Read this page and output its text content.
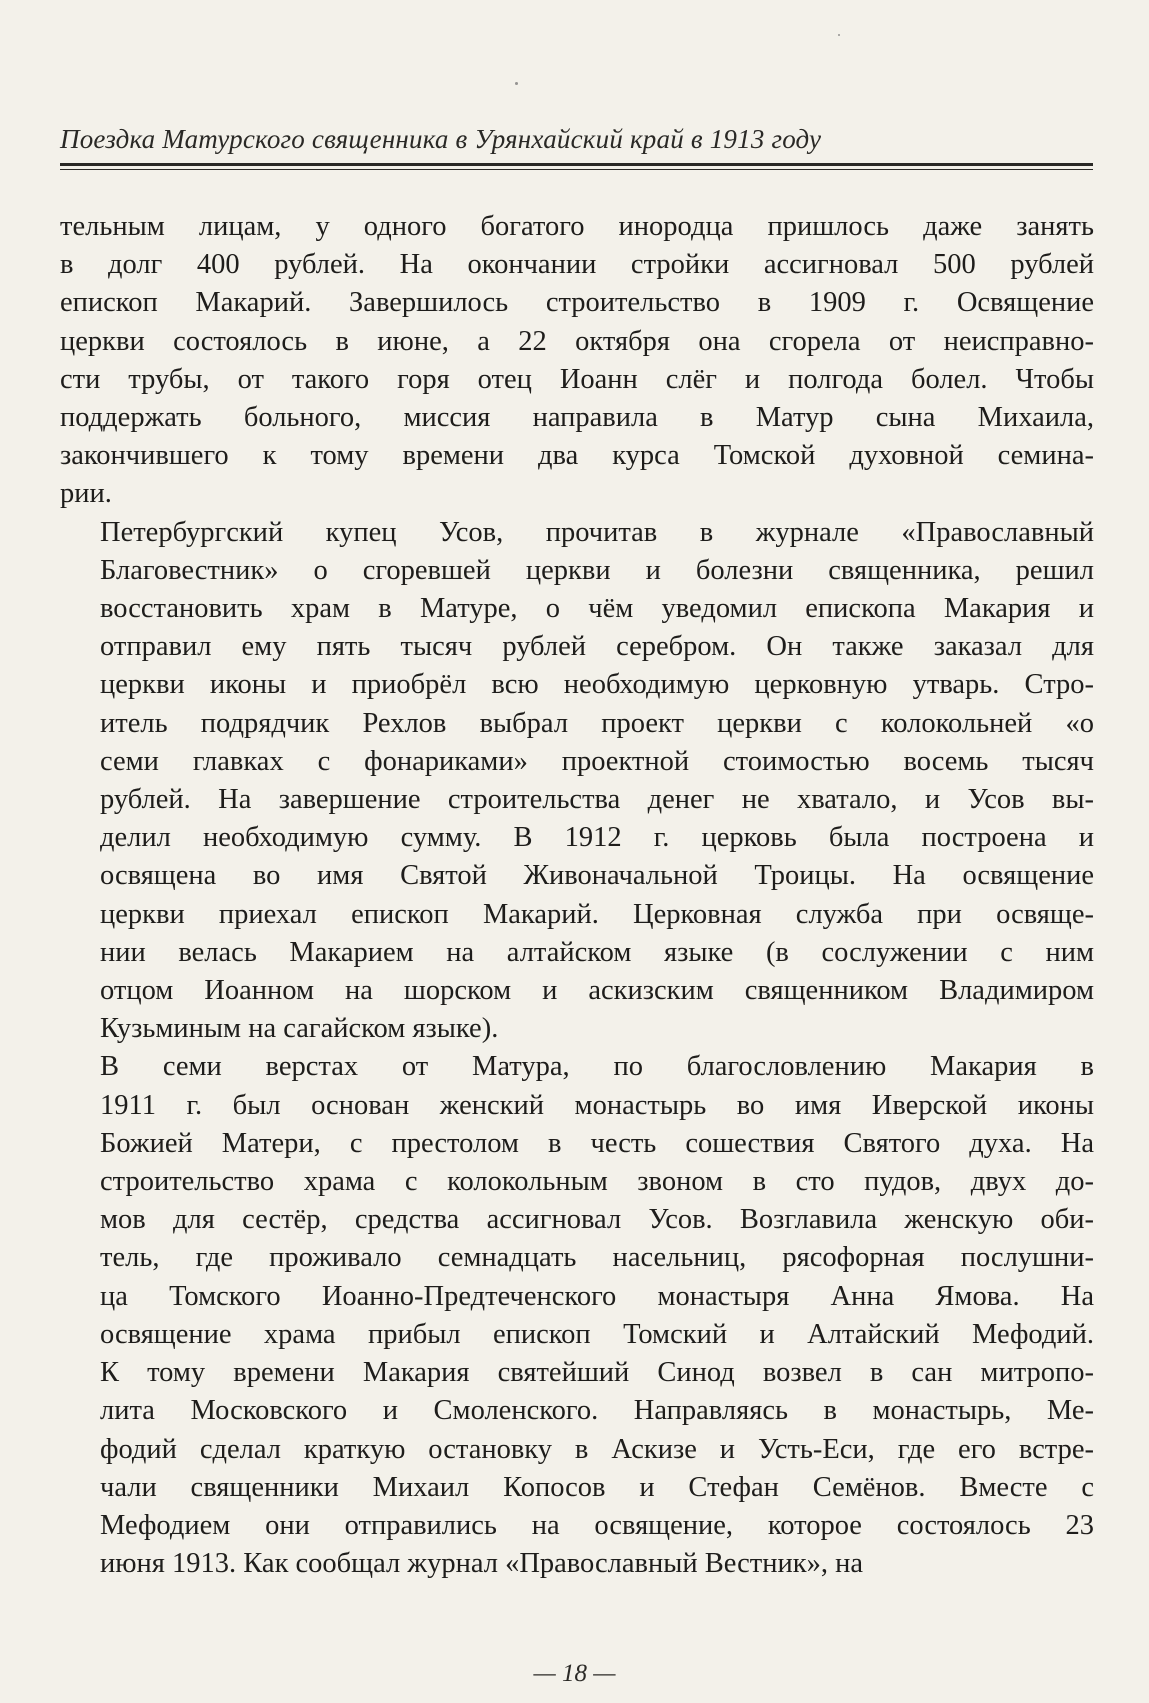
Поездка Матурского священника в Урянхайский край в 1913 году
тельным лицам, у одного богатого инородца пришлось даже занять
в долг 400 рублей. На окончании стройки ассигновал 500 рублей
епископ Макарий. Завершилось строительство в 1909 г. Освящение
церкви состоялось в июне, а 22 октября она сгорела от неисправно-
сти трубы, от такого горя отец Иоанн слёг и полгода болел. Чтобы
поддержать больного, миссия направила в Матур сына Михаила,
закончившего к тому времени два курса Томской духовной семина-
рии.
Петербургский купец Усов, прочитав в журнале «Православный
Благовестник» о сгоревшей церкви и болезни священника, решил
восстановить храм в Матуре, о чём уведомил епископа Макария и
отправил ему пять тысяч рублей серебром. Он также заказал для
церкви иконы и приобрёл всю необходимую церковную утварь. Стро-
итель подрядчик Рехлов выбрал проект церкви с колокольней «о
семи главках с фонариками» проектной стоимостью восемь тысяч
рублей. На завершение строительства денег не хватало, и Усов вы-
делил необходимую сумму. В 1912 г. церковь была построена и
освящена во имя Святой Живоначальной Троицы. На освящение
церкви приехал епископ Макарий. Церковная служба при освяще-
нии велась Макарием на алтайском языке (в сослужении с ним
отцом Иоанном на шорском и аскизским священником Владимиром
Кузьминым на сагайском языке).
В семи верстах от Матура, по благословлению Макария в
1911 г. был основан женский монастырь во имя Иверской иконы
Божией Матери, с престолом в честь сошествия Святого духа. На
строительство храма с колокольным звоном в сто пудов, двух до-
мов для сестёр, средства ассигновал Усов. Возглавила женскую оби-
тель, где проживало семнадцать насельниц, рясофорная послушни-
ца Томского Иоанно-Предтеченского монастыря Анна Ямова. На
освящение храма прибыл епископ Томский и Алтайский Мефодий.
К тому времени Макария святейший Синод возвел в сан митропо-
лита Московского и Смоленского. Направляясь в монастырь, Ме-
фодий сделал краткую остановку в Аскизе и Усть-Еси, где его встре-
чали священники Михаил Копосов и Стефан Семёнов. Вместе с
Мефодием они отправились на освящение, которое состоялось 23
июня 1913. Как сообщал журнал «Православный Вестник», на
— 18 —
